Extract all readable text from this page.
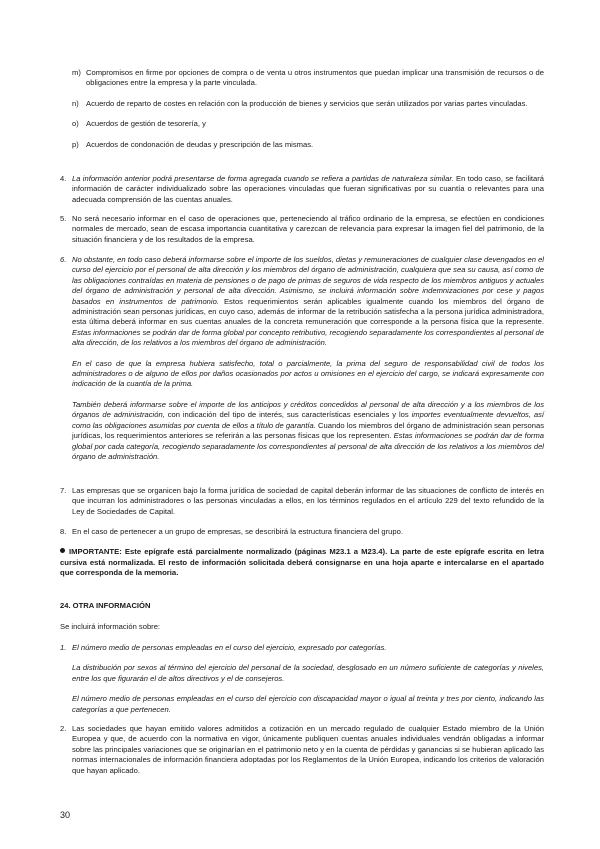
m) Compromisos en firme por opciones de compra o de venta u otros instrumentos que puedan implicar una transmisión de recursos o de obligaciones entre la empresa y la parte vinculada.
n) Acuerdo de reparto de costes en relación con la producción de bienes y servicios que serán utilizados por varias partes vinculadas.
o) Acuerdos de gestión de tesorería, y
p) Acuerdos de condonación de deudas y prescripción de las mismas.
4. La información anterior podrá presentarse de forma agregada cuando se refiera a partidas de naturaleza similar. En todo caso, se facilitará información de carácter individualizado sobre las operaciones vinculadas que fueran significativas por su cuantía o relevantes para una adecuada comprensión de las cuentas anuales.
5. No será necesario informar en el caso de operaciones que, perteneciendo al tráfico ordinario de la empresa, se efectúen en condiciones normales de mercado, sean de escasa importancia cuantitativa y carezcan de relevancia para expresar la imagen fiel del patrimonio, de la situación financiera y de los resultados de la empresa.
6. No obstante, en todo caso deberá informarse sobre el importe de los sueldos, dietas y remuneraciones de cualquier clase devengados en el curso del ejercicio por el personal de alta dirección y los miembros del órgano de administración, cualquiera que sea su causa, así como de las obligaciones contraídas en materia de pensiones o de pago de primas de seguros de vida respecto de los miembros antiguos y actuales del órgano de administración y personal de alta dirección. Asimismo, se incluirá información sobre indemnizaciones por cese y pagos basados en instrumentos de patrimonio. Estos requerimientos serán aplicables igualmente cuando los miembros del órgano de administración sean personas jurídicas, en cuyo caso, además de informar de la retribución satisfecha a la persona jurídica administradora, esta última deberá informar en sus cuentas anuales de la concreta remuneración que corresponde a la persona física que la represente. Estas informaciones se podrán dar de forma global por concepto retributivo, recogiendo separadamente los correspondientes al personal de alta dirección, de los relativos a los miembros del órgano de administración.
En el caso de que la empresa hubiera satisfecho, total o parcialmente, la prima del seguro de responsabilidad civil de todos los administradores o de alguno de ellos por daños ocasionados por actos u omisiones en el ejercicio del cargo, se indicará expresamente con indicación de la cuantía de la prima.
También deberá informarse sobre el importe de los anticipos y créditos concedidos al personal de alta dirección y a los miembros de los órganos de administración, con indicación del tipo de interés, sus características esenciales y los importes eventualmente devueltos, así como las obligaciones asumidas por cuenta de ellos a título de garantía. Cuando los miembros del órgano de administración sean personas jurídicas, los requerimientos anteriores se referirán a las personas físicas que los representen. Estas informaciones se podrán dar de forma global por cada categoría, recogiendo separadamente los correspondientes al personal de alta dirección de los relativos a los miembros del órgano de administración.
7. Las empresas que se organicen bajo la forma jurídica de sociedad de capital deberán informar de las situaciones de conflicto de interés en que incurran los administradores o las personas vinculadas a ellos, en los términos regulados en el artículo 229 del texto refundido de la Ley de Sociedades de Capital.
8. En el caso de pertenecer a un grupo de empresas, se describirá la estructura financiera del grupo.
IMPORTANTE: Este epígrafe está parcialmente normalizado (páginas M23.1 a M23.4). La parte de este epígrafe escrita en letra cursiva está normalizada. El resto de información solicitada deberá consignarse en una hoja aparte e intercalarse en el apartado que corresponda de la memoria.
24. OTRA INFORMACIÓN
Se incluirá información sobre:
1. El número medio de personas empleadas en el curso del ejercicio, expresado por categorías.
La distribución por sexos al término del ejercicio del personal de la sociedad, desglosado en un número suficiente de categorías y niveles, entre los que figurarán el de altos directivos y el de consejeros.
El número medio de personas empleadas en el curso del ejercicio con discapacidad mayor o igual al treinta y tres por ciento, indicando las categorías a que pertenecen.
2. Las sociedades que hayan emitido valores admitidos a cotización en un mercado regulado de cualquier Estado miembro de la Unión Europea y que, de acuerdo con la normativa en vigor, únicamente publiquen cuentas anuales individuales vendrán obligadas a informar sobre las principales variaciones que se originarían en el patrimonio neto y en la cuenta de pérdidas y ganancias si se hubieran aplicado las normas internacionales de información financiera adoptadas por los Reglamentos de la Unión Europea, indicando los criterios de valoración que hayan aplicado.
30
